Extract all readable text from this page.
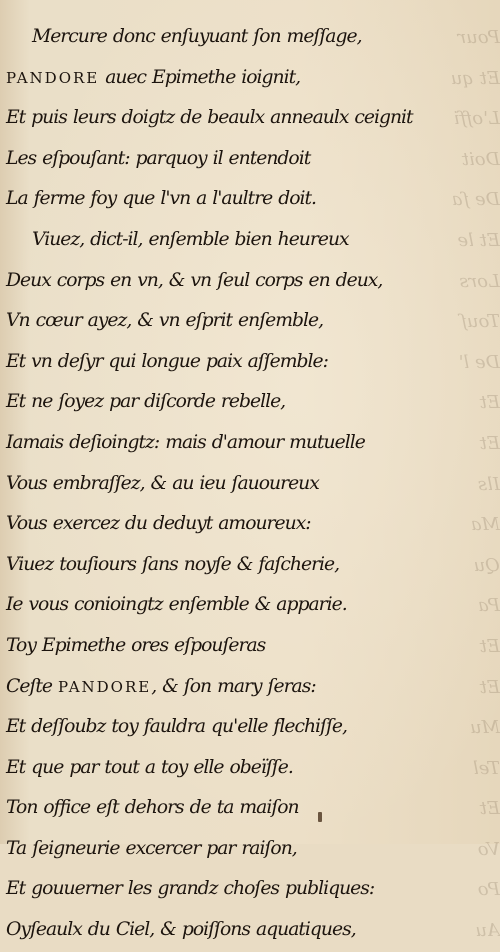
Pour
Et qu
L'offi
Doit
De ſa
Et le
Lors
Touſ
De l'
Et
Et
Ils
Ma
Qu
Pa
Et
Et
Mu
Tel
Et
Vo
Po
Au
Mercure donc enſuyuant ſon meſſage,
PANDORE auec Epimethe ioignit,
Et puis leurs doigtz de beaulx anneaulx ceignit
Les eſpouſant: parquoy il entendoit
La ferme foy que l'vn a l'aultre doit.
Viuez, dict-il, enſemble bien heureux
Deux corps en vn, & vn ſeul corps en deux,
Vn cœur ayez, & vn eſprit enſemble,
Et vn deſyr qui longue paix aſſemble:
Et ne ſoyez par diſcorde rebelle,
Iamais deſioingtz: mais d'amour mutuelle
Vous embraſſez, & au ieu ſauoureux
Vous exercez du deduyt amoureux:
Viuez touſiours ſans noyſe & faſcherie,
Ie vous conioingtz enſemble & apparie.
Toy Epimethe ores eſpouſeras
Ceſte PANDORE, & ſon mary ſeras:
Et deſſoubz toy fauldra qu'elle flechiſſe,
Et que par tout a toy elle obeïſſe.
Ton office eſt dehors de ta maiſon
Ta ſeigneurie excercer par raiſon,
Et gouuerner les grandz choſes publiques:
Oyſeaulx du Ciel, & poiſſons aquatiques,
